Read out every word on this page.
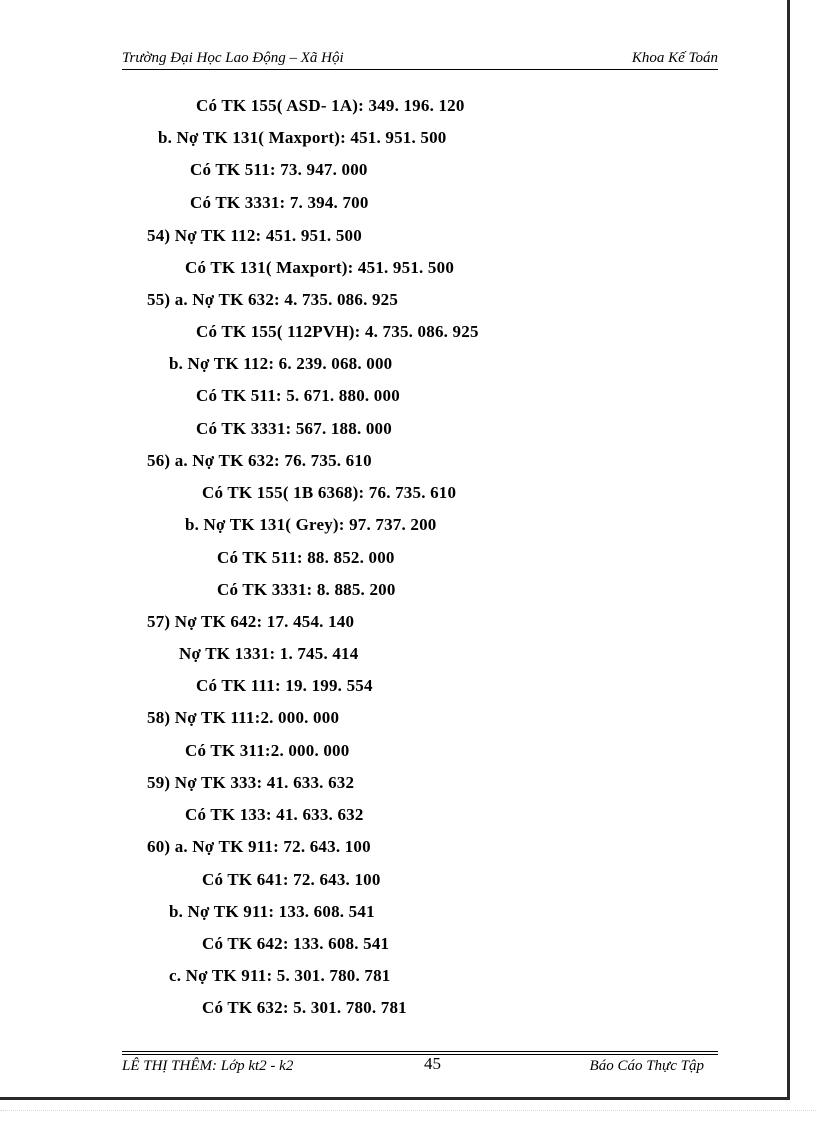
Trường Đại Học Lao Động – Xã Hội	Khoa Kế Toán
Có TK 155( ASD- 1A): 349. 196. 120
b. Nợ TK 131( Maxport): 451. 951. 500
Có TK 511: 73. 947. 000
Có TK 3331: 7. 394. 700
54) Nợ TK 112: 451. 951. 500
Có TK 131( Maxport): 451. 951. 500
55) a. Nợ TK 632: 4. 735. 086. 925
Có TK 155( 112PVH): 4. 735. 086. 925
b. Nợ TK 112: 6. 239. 068. 000
Có TK 511: 5. 671. 880. 000
Có TK 3331: 567. 188. 000
56) a. Nợ TK 632: 76. 735. 610
Có TK 155( 1B 6368): 76. 735. 610
b. Nợ TK 131( Grey): 97. 737. 200
Có TK 511: 88. 852. 000
Có TK 3331: 8. 885. 200
57) Nợ TK 642: 17. 454. 140
Nợ TK 1331: 1. 745. 414
Có TK 111: 19. 199. 554
58) Nợ TK 111:2. 000. 000
Có TK 311:2. 000. 000
59) Nợ TK 333: 41. 633. 632
Có TK 133: 41. 633. 632
60) a. Nợ TK 911: 72. 643. 100
Có TK 641: 72. 643. 100
b. Nợ TK 911: 133. 608. 541
Có TK 642: 133. 608. 541
c. Nợ TK 911: 5. 301. 780. 781
Có TK 632: 5. 301. 780. 781
LÊ THỊ THÊM: Lớp kt2 - k2	45	Báo Cáo Thực Tập
